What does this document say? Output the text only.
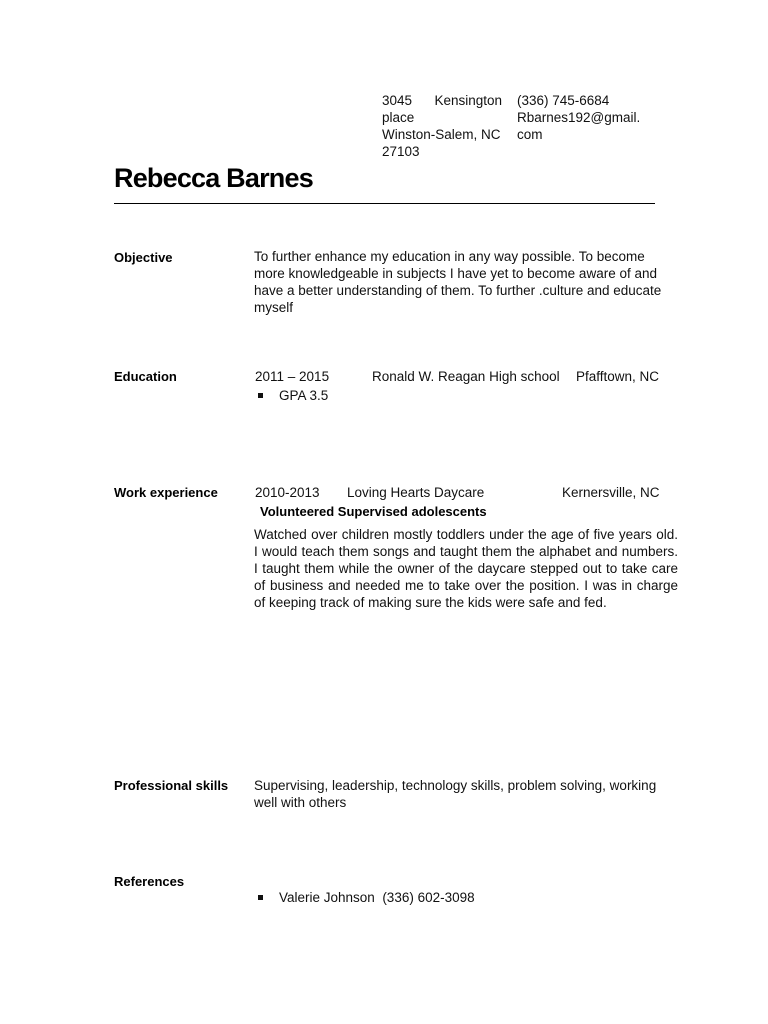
3045 Kensington
place
Winston-Salem, NC
27103
(336) 745-6684
Rbarnes192@gmail.
com
Rebecca Barnes
Objective	To further enhance my education in any way possible. To become more knowledgeable in subjects I have yet to become aware of and have a better understanding of them. To further .culture and educate myself
Education	2011 – 2015	Ronald W. Reagan High school Pfafftown, NC
GPA 3.5
Work experience	2010-2013 Loving Hearts Daycare	Kernersville, NC
Volunteered Supervised adolescents
Watched over children mostly toddlers under the age of five years old. I would teach them songs and taught them the alphabet and numbers. I taught them while the owner of the daycare stepped out to take care of business and needed me to take over the position. I was in charge of keeping track of making sure the kids were safe and fed.
Professional skills Supervising, leadership, technology skills, problem solving, working well with others
References
Valerie Johnson  (336) 602-3098
